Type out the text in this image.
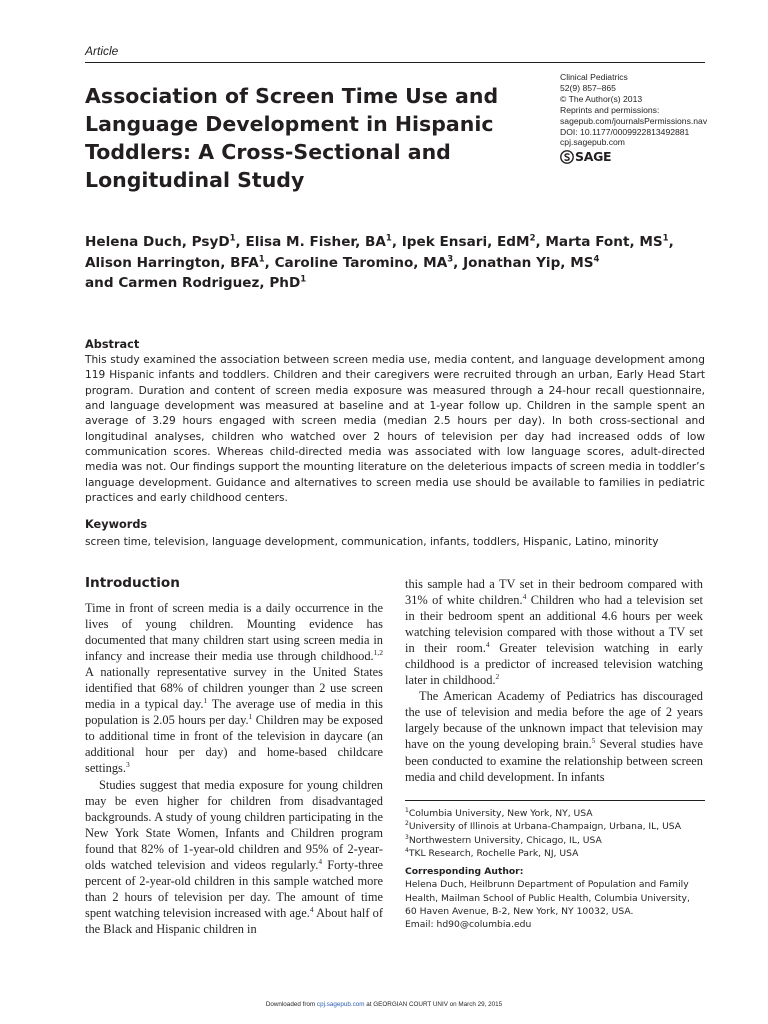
Article
Association of Screen Time Use and Language Development in Hispanic Toddlers: A Cross-Sectional and Longitudinal Study
Clinical Pediatrics
52(9) 857–865
© The Author(s) 2013
Reprints and permissions:
sagepub.com/journalsPermissions.nav
DOI: 10.1177/0009922813492881
cpj.sagepub.com
SAGE

Helena Duch, PsyD$^1$, Elisa M. Fisher, $BA^1$, Ipek Ensari, EdM$^2$, Marta Font, $MS^1$, Alison Harrington, BFA$^1$, Caroline Taromino, $MA^3$, Jonathan Yip, $MS^4$
and Carmen Rodriguez, PhD$^1$

Abstract

This study examined the association between screen media use, media content, and language development among 119 Hispanic infants and toddlers. Children and their caregivers were recruited through an urban, Early Head Start program. Duration and content of screen media exposure was measured through a 24-hour recall questionnaire, and language development was measured at baseline and at 1-year follow up. Children in the sample spent an average of 3.29 hours engaged with screen media (median 2.5 hours per day). In both cross-sectional and longitudinal analyses, children who watched over 2 hours of television per day had increased odds of low communication scores. Whereas child-directed media was associated with low language scores, adult-directed media was not. Our findings support the mounting literature on the deleterious impacts of screen media in toddler’s language development. Guidance and alternatives to screen media use should be available to families in pediatric practices and early childhood centers.

Keywords
screen time, television, language development, communication, infants, toddlers, Hispanic, Latino, minority
Introduction

Time in front of screen media is a daily occurrence in the lives of young children. Mounting evidence has documented that many children start using screen media in infancy and increase their media use through childhood.$^{1,2}$ A nationally representative survey in the United States identified that 68% of children younger than 2 use screen media in a typical day.$^1$ The average use of media in this population is 2.05 hours per day.$^1$ Children may be exposed to additional time in front of the television in daycare (an additional hour per day) and home-based childcare settings.$^3$

Studies suggest that media exposure for young children may be even higher for children from disadvantaged backgrounds. A study of young children participating in the New York State Women, Infants and Children program found that 82% of 1-year-old children and 95% of 2-year-olds watched television and videos regularly.$^4$ Forty-three percent of 2-year-old children in this sample watched more than 2 hours of television per day. The amount of time spent watching television increased with age.$^4$ About half of the Black and Hispanic children in

this sample had a TV set in their bedroom compared with 31% of white children.$^4$ Children who had a television set in their bedroom spent an additional 4.6 hours per week watching television compared with those without a TV set in their room.$^4$ Greater television watching in early childhood is a predictor of increased television watching later in childhood.$^2$

The American Academy of Pediatrics has discouraged the use of television and media before the age of 2 years largely because of the unknown impact that television may have on the young developing brain.$^5$ Several studies have been conducted to examine the relationship between screen media and child development. In infants

$^1$Columbia University, New York, NY, USA
$^2$University of Illinois at Urbana-Champaign, Urbana, IL, USA
$^3$Northwestern University, Chicago, IL, USA
$^4$TKL Research, Rochelle Park, NJ, USA
Corresponding Author:
Helena Duch, Heilbrunn Department of Population and Family
Health, Mailman School of Public Health, Columbia University,
60 Haven Avenue, B-2, New York, NY 10032, USA.
Email: hd90@columbia.edu
Downloaded from cpj.sagepub.com at GEORGIAN COURT UNIV on March 29, 2015
